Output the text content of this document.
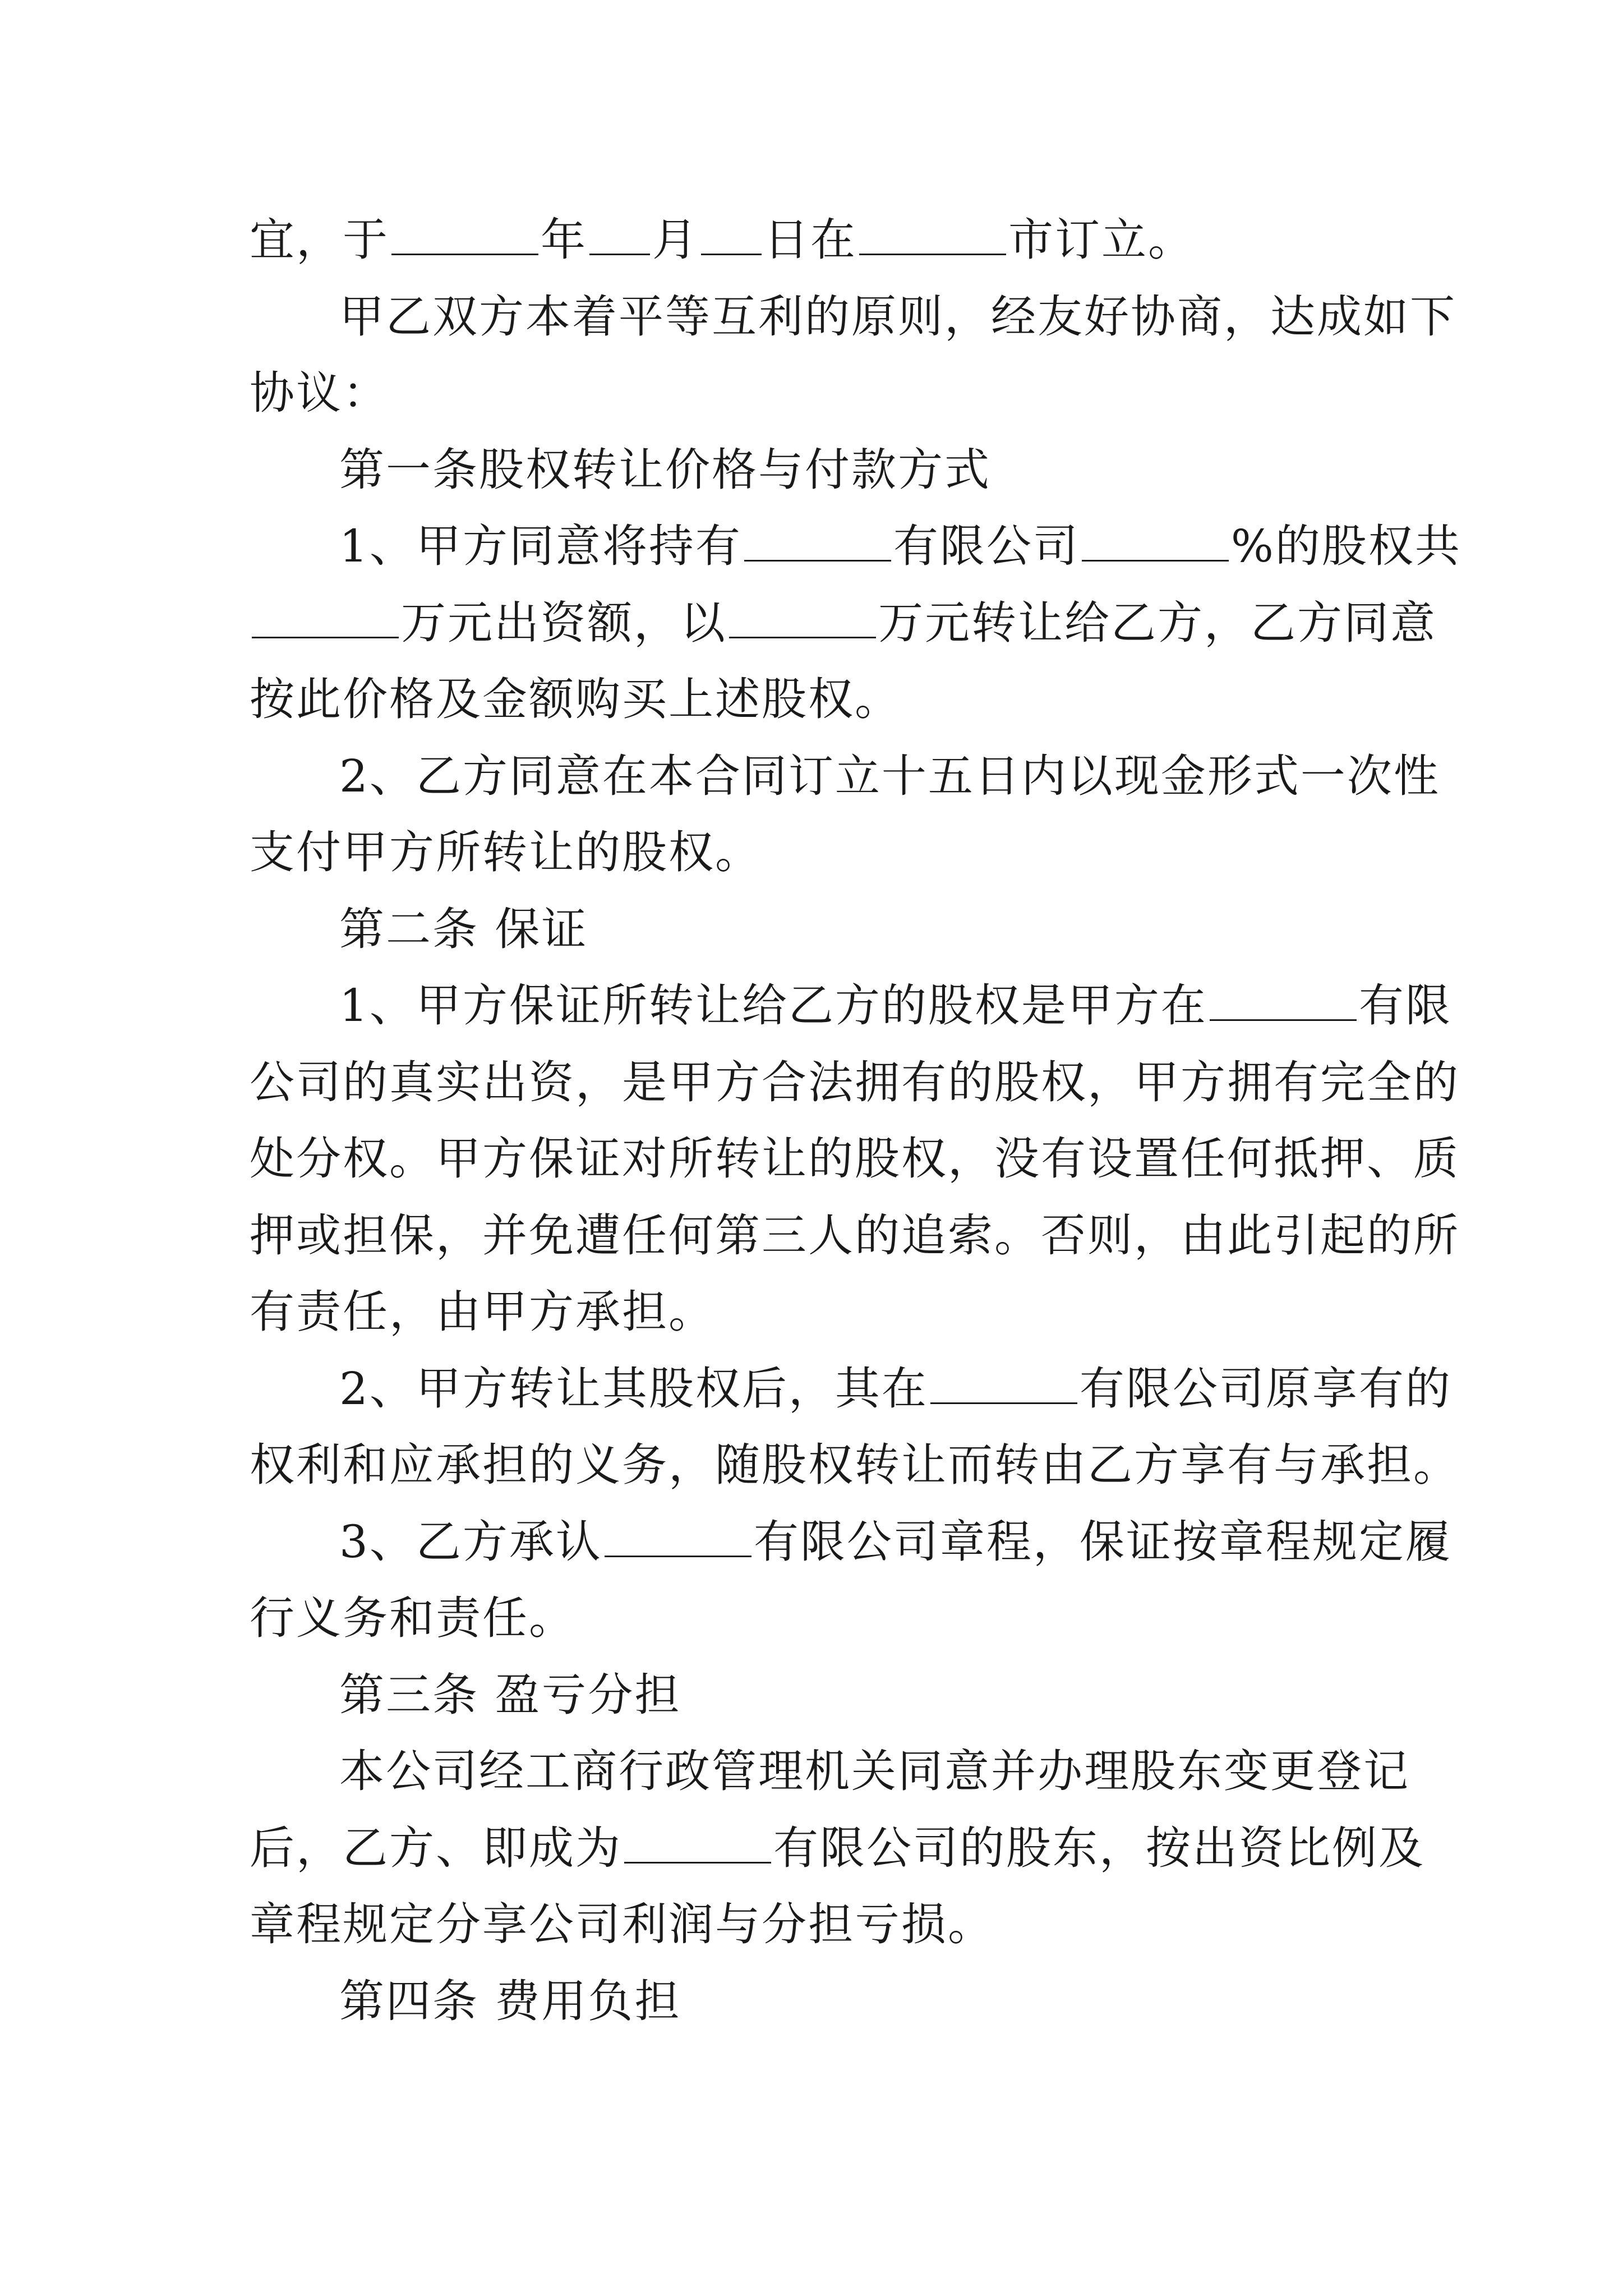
宜，于	年 月 日在	市订立。
甲乙双方本着平等互利的原则，经友好协商，达成如下
协议：
第一条股权转让价格与付款方式
1、甲方同意将持有	有限公司	%的股权共
万元出资额，以	万元转让给乙方，乙方同意
按此价格及金额购买上述股权。
2、乙方同意在本合同订立十五日内以现金形式一次性
支付甲方所转让的股权。
第二条 保证
1、甲方保证所转让给乙方的股权是甲方在	有限
公司的真实出资，是甲方合法拥有的股权，甲方拥有完全的
处分权。甲方保证对所转让的股权，没有设置任何抵押、质
押或担保，并免遭任何第三人的追索。否则，由此引起的所
有责任，由甲方承担。
2、甲方转让其股权后，其在	有限公司原享有的
权利和应承担的义务，随股权转让而转由乙方享有与承担。
3、乙方承认	有限公司章程，保证按章程规定履
行义务和责任。
第三条 盈亏分担
本公司经工商行政管理机关同意并办理股东变更登记
后，乙方、即成为	有限公司的股东，按出资比例及
章程规定分享公司利润与分担亏损。
第四条 费用负担
